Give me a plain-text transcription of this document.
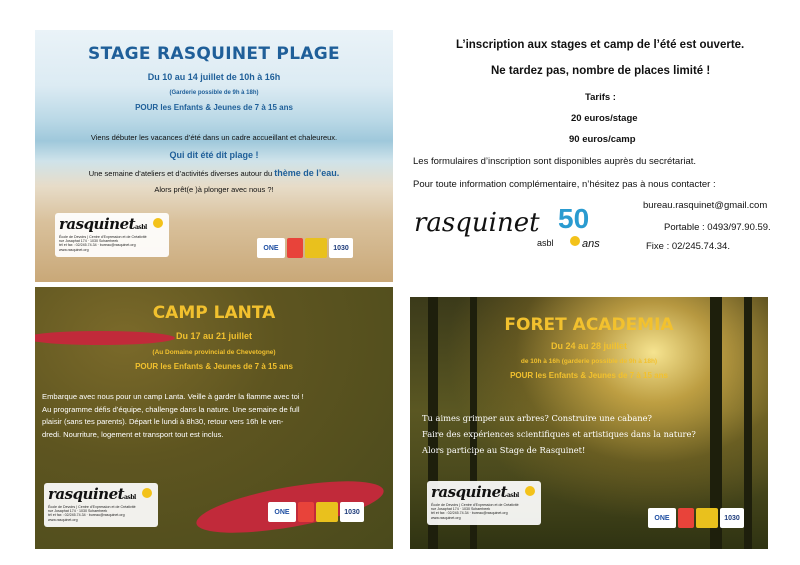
STAGE RASQUINET PLAGE
Du 10 au 14 juillet de 10h à 16h
(Garderie possible de 9h à 18h)
POUR les Enfants & Jeunes de 7 à 15 ans
Viens débuter les vacances d’été dans un cadre accueillant et chaleureux.
Qui dit été dit plage !
Une semaine d’ateliers et d’activités diverses autour du thème de l’eau.
Alors prêt(e )à plonger avec nous ?!
rasquinetasbl
École de Devoirs | Centre d’Expression et de Créativité
rue Josaphat 174 · 1030 Schaerbeek
tél et fax : 02/245.74.34 · bureau@rasquinet.org
www.rasquinet.org	ONE	1030
L’inscription aux stages et camp de l’été est ouverte.
Ne tardez pas, nombre de places limité !
Tarifs :
20 euros/stage
90 euros/camp
Les formulaires d’inscription sont disponibles auprès du secrétariat.
Pour toute information complémentaire, n’hésitez pas à nous contacter :
rasquinet
asbl
50
ans
bureau.rasquinet@gmail.com
Portable : 0493/97.90.59.
Fixe : 02/245.74.34.
CAMP LANTA
Du 17 au 21 juillet
(Au Domaine provincial de Chevetogne)
POUR les Enfants & Jeunes de 7 à 15 ans
Embarque avec nous pour un camp Lanta. Veille à garder la flamme avec toi !
Au programme défis d’équipe, challenge dans la nature. Une semaine de full
plaisir (sans tes parents). Départ le lundi à 8h30, retour vers 16h le ven-
dredi. Nourriture, logement et transport tout est inclus.
rasquinetasbl
École de Devoirs | Centre d’Expression et de Créativité
rue Josaphat 174 · 1030 Schaerbeek
tél et fax : 02/245.74.34 · bureau@rasquinet.org
www.rasquinet.org
ONE	1030
FORET ACADEMIA
Du 24 au 28 juillet
de 10h à 16h (garderie possible de 9h à 18h)
POUR les Enfants & Jeunes de 7 à 15 ans
Tu aimes grimper aux arbres? Construire une cabane?
Faire des expériences scientifiques et artistiques dans la nature?
Alors participe au Stage de Rasquinet!
rasquinetasbl
École de Devoirs | Centre d’Expression et de Créativité
rue Josaphat 174 · 1030 Schaerbeek
tél et fax : 02/245.74.34 · bureau@rasquinet.org
www.rasquinet.org	ONE	1030
